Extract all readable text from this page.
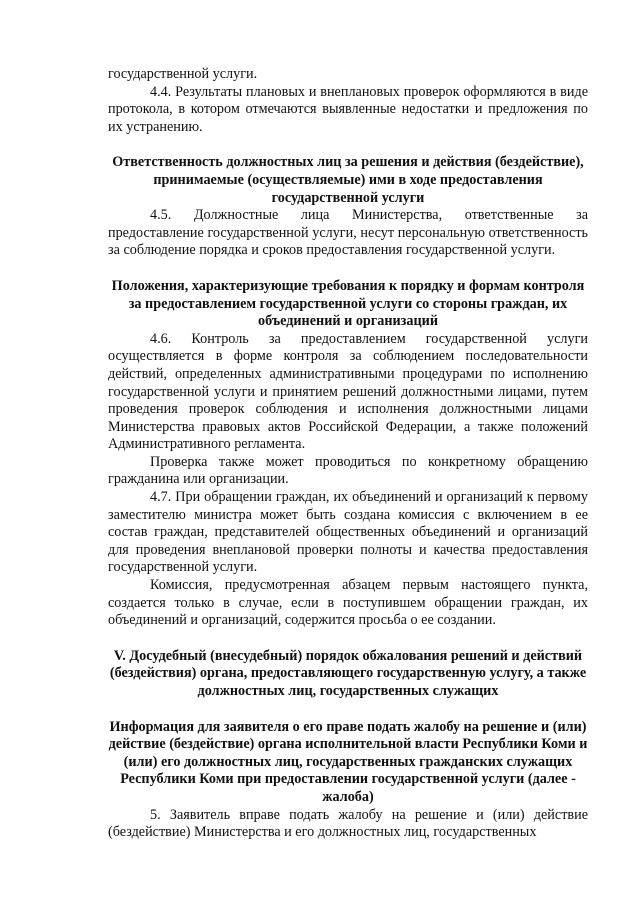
государственной услуги.

4.4. Результаты плановых и внеплановых проверок оформляются в виде протокола, в котором отмечаются выявленные недостатки и предложения по их устранению.

Ответственность должностных лиц за решения и действия (бездействие), принимаемые (осуществляемые) ими в ходе предоставления государственной услуги

4.5. Должностные лица Министерства, ответственные за предоставление государственной услуги, несут персональную ответственность за соблюдение порядка и сроков предоставления государственной услуги.

Положения, характеризующие требования к порядку и формам контроля за предоставлением государственной услуги со стороны граждан, их объединений и организаций

4.6. Контроль за предоставлением государственной услуги осуществляется в форме контроля за соблюдением последовательности действий, определенных административными процедурами по исполнению государственной услуги и принятием решений должностными лицами, путем проведения проверок соблюдения и исполнения должностными лицами Министерства правовых актов Российской Федерации, а также положений Административного регламента.

Проверка также может проводиться по конкретному обращению гражданина или организации.

4.7. При обращении граждан, их объединений и организаций к первому заместителю министра может быть создана комиссия с включением в ее состав граждан, представителей общественных объединений и организаций для проведения внеплановой проверки полноты и качества предоставления государственной услуги.

Комиссия, предусмотренная абзацем первым настоящего пункта, создается только в случае, если в поступившем обращении граждан, их объединений и организаций, содержится просьба о ее создании.

V. Досудебный (внесудебный) порядок обжалования решений и действий (бездействия) органа, предоставляющего государственную услугу, а также должностных лиц, государственных служащих
Информация для заявителя о его праве подать жалобу на решение и (или) действие (бездействие) органа исполнительной власти Республики Коми и (или) его должностных лиц, государственных гражданских служащих Республики Коми при предоставлении государственной услуги (далее - жалоба)

5. Заявитель вправе подать жалобу на решение и (или) действие (бездействие) Министерства и его должностных лиц, государственных
